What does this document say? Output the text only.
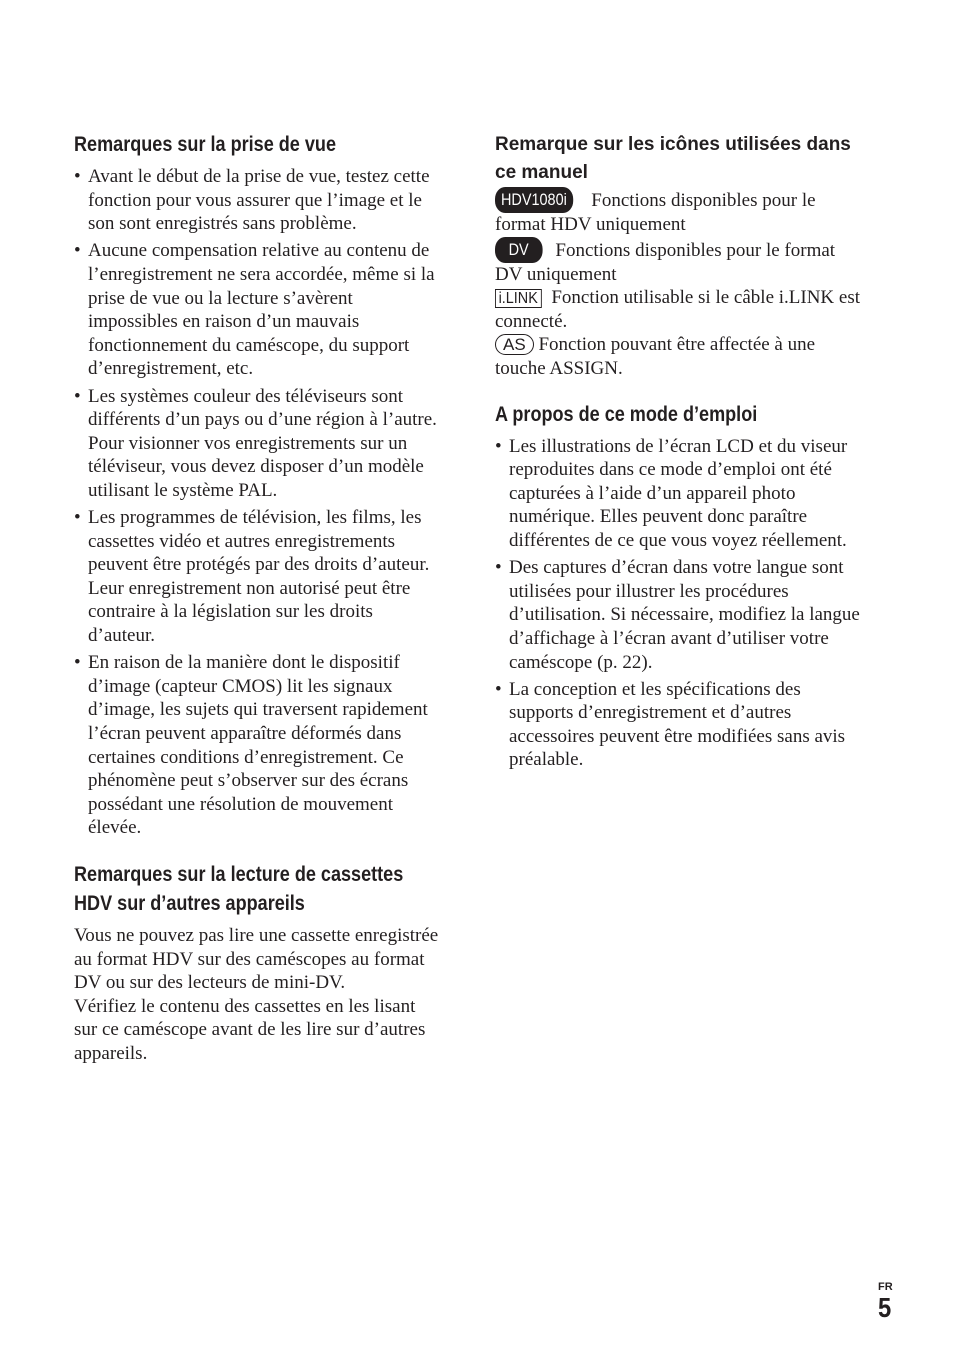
Remarques sur la prise de vue
• Avant le début de la prise de vue, testez cette fonction pour vous assurer que l’image et le son sont enregistrés sans problème.
• Aucune compensation relative au contenu de l’enregistrement ne sera accordée, même si la prise de vue ou la lecture s’avèrent impossibles en raison d’un mauvais fonctionnement du caméscope, du support d’enregistrement, etc.
• Les systèmes couleur des téléviseurs sont différents d’un pays ou d’une région à l’autre. Pour visionner vos enregistrements sur un téléviseur, vous devez disposer d’un modèle utilisant le système PAL.
• Les programmes de télévision, les films, les cassettes vidéo et autres enregistrements peuvent être protégés par des droits d’auteur. Leur enregistrement non autorisé peut être contraire à la législation sur les droits d’auteur.
• En raison de la manière dont le dispositif d’image (capteur CMOS) lit les signaux d’image, les sujets qui traversent rapidement l’écran peuvent apparaître déformés dans certaines conditions d’enregistrement. Ce phénomène peut s’observer sur des écrans possédant une résolution de mouvement élevée.
Remarques sur la lecture de cassettes
HDV sur d’autres appareils

Vous ne pouvez pas lire une cassette enregistrée au format HDV sur des caméscopes au format DV ou sur des lecteurs de mini-DV.

Vérifiez le contenu des cassettes en les lisant sur ce caméscope avant de les lire sur d’autres appareils.

Remarque sur les icônes utilisées dans ce manuel

HDV1080i Fonctions disponibles pour le format HDV uniquement

DV Fonctions disponibles pour le format DV uniquement

i.LINK Fonction utilisable si le câble i.LINK est connecté.

AS Fonction pouvant être affectée à une touche ASSIGN.

A propos de ce mode d’emploi
• Les illustrations de l’écran LCD et du viseur reproduites dans ce mode d’emploi ont été capturées à l’aide d’un appareil photo numérique. Elles peuvent donc paraître différentes de ce que vous voyez réellement.
• Des captures d’écran dans votre langue sont utilisées pour illustrer les procédures d’utilisation. Si nécessaire, modifiez la langue d’affichage à l’écran avant d’utiliser votre caméscope (p. 22).
• La conception et les spécifications des supports d’enregistrement et d’autres accessoires peuvent être modifiées sans avis préalable.
FR
5
